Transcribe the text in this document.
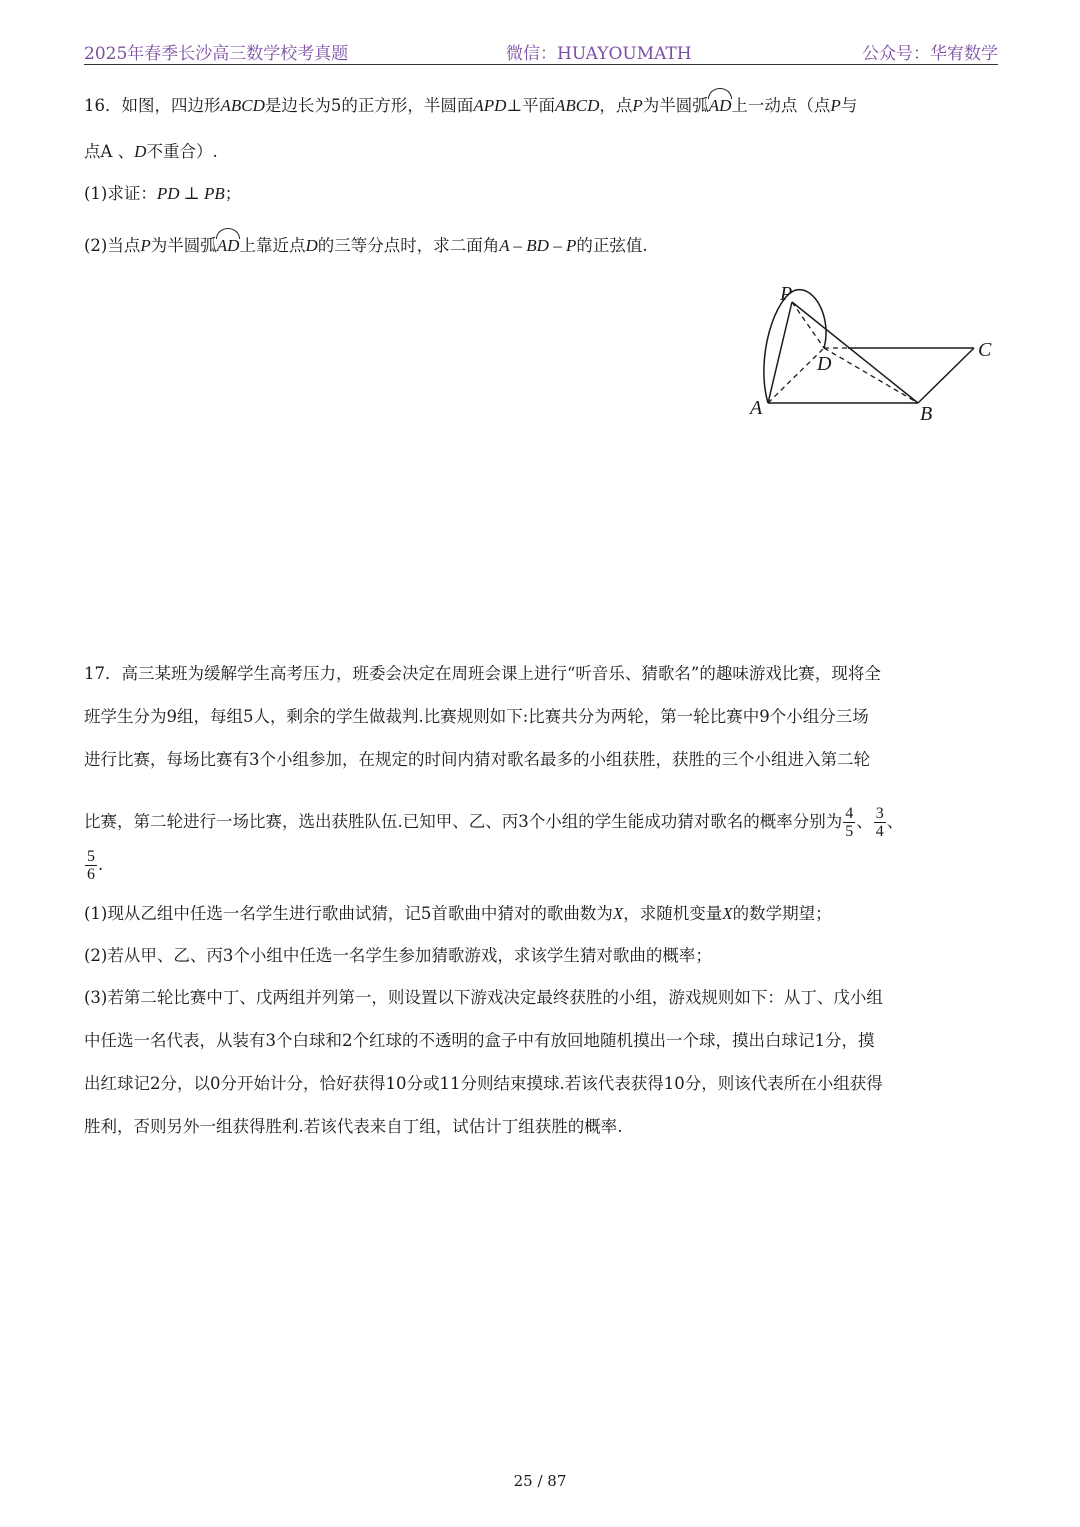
2025年春季长沙高三数学校考真题	微信：HUAYOUMATH	公众号：华宥数学
16．如图，四边形ABCD是边长为5的正方形，半圆面APD⊥平面ABCD，点P为半圆弧AD上一动点（点P与
点A 、D不重合）.
(1)求证：PD ⊥ PB；
(2)当点P为半圆弧AD上靠近点D的三等分点时，求二面角A – BD – P的正弦值.
P
D
C
A	B
17．高三某班为缓解学生高考压力，班委会决定在周班会课上进行“听音乐、猜歌名”的趣味游戏比赛，现将全
班学生分为9组，每组5人，剩余的学生做裁判.比赛规则如下:比赛共分为两轮，第一轮比赛中9个小组分三场
进行比赛，每场比赛有3个小组参加，在规定的时间内猜对歌名最多的小组获胜，获胜的三个小组进入第二轮
比赛，第二轮进行一场比赛，选出获胜队伍.已知甲、乙、丙3个小组的学生能成功猜对歌名的概率分别为 $\frac{4}{5}$ 、 $\frac{3}{4}$ 、
$\frac{5}{6}$ .
(1)现从乙组中任选一名学生进行歌曲试猜，记5首歌曲中猜对的歌曲数为X，求随机变量X的数学期望；
(2)若从甲、乙、丙3个小组中任选一名学生参加猜歌游戏，求该学生猜对歌曲的概率；
(3)若第二轮比赛中丁、戊两组并列第一，则设置以下游戏决定最终获胜的小组，游戏规则如下：从丁、戊小组
中任选一名代表，从装有3个白球和2个红球的不透明的盒子中有放回地随机摸出一个球，摸出白球记1分，摸
出红球记2分，以0分开始计分，恰好获得10分或11分则结束摸球.若该代表获得10分，则该代表所在小组获得
胜利，否则另外一组获得胜利.若该代表来自丁组，试估计丁组获胜的概率.
25 / 87
